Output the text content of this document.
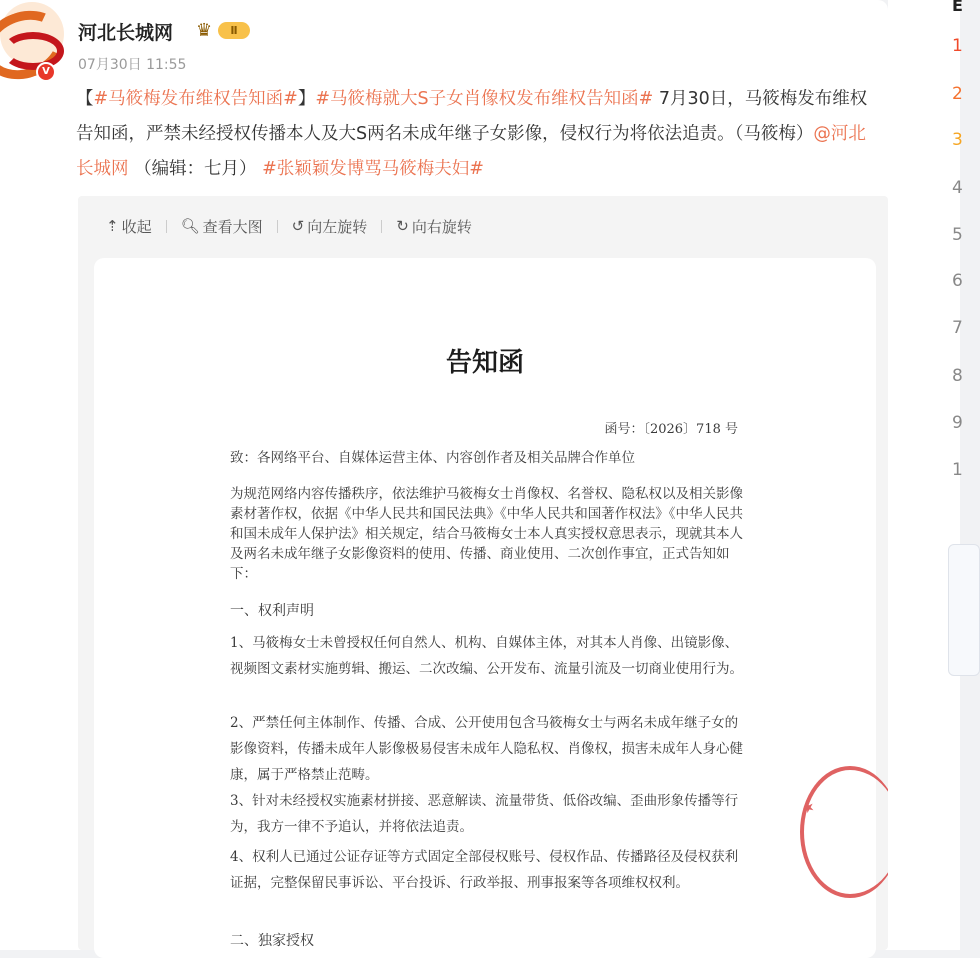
V
河北长城网 ♛	Ⅱ
07月30日 11:55
【#马筱梅发布维权告知函#】#马筱梅就大S子女肖像权发布维权告知函# 7月30日，马筱梅发布维权告知函，严禁未经授权传播本人及大S两名未成年继子女影像，侵权行为将依法追责。（马筱梅）@河北长城网 （编辑：七月） #张颖颖发博骂马筱梅夫妇#
⇡ 收起 🔍︎ 查看大图 ↺ 向左旋转 ↻ 向右旋转
告知函
函号：〔2026〕718 号
致：各网络平台、自媒体运营主体、内容创作者及相关品牌合作单位
为规范网络内容传播秩序，依法维护马筱梅女士肖像权、名誉权、隐私权以及相关影像素材著作权，依据《中华人民共和国民法典》《中华人民共和国著作权法》《中华人民共和国未成年人保护法》相关规定，结合马筱梅女士本人真实授权意思表示，现就其本人及两名未成年继子女影像资料的使用、传播、商业使用、二次创作事宜，正式告知如下：
一、权利声明
1、马筱梅女士未曾授权任何自然人、机构、自媒体主体，对其本人肖像、出镜影像、视频图文素材实施剪辑、搬运、二次改编、公开发布、流量引流及一切商业使用行为。
2、严禁任何主体制作、传播、合成、公开使用包含马筱梅女士与两名未成年继子女的影像资料，传播未成年人影像极易侵害未成年人隐私权、肖像权，损害未成年人身心健康，属于严格禁止范畴。
3、针对未经授权实施素材拼接、恶意解读、流量带货、低俗改编、歪曲形象传播等行为，我方一律不予追认，并将依法追责。
4、权利人已通过公证存证等方式固定全部侵权账号、侵权作品、传播路径及侵权获利证据，完整保留民事诉讼、平台投诉、行政举报、刑事报案等各项维权权利。
二、独家授权
★
E
1
2
3
4
5
6
7
8
9
1
